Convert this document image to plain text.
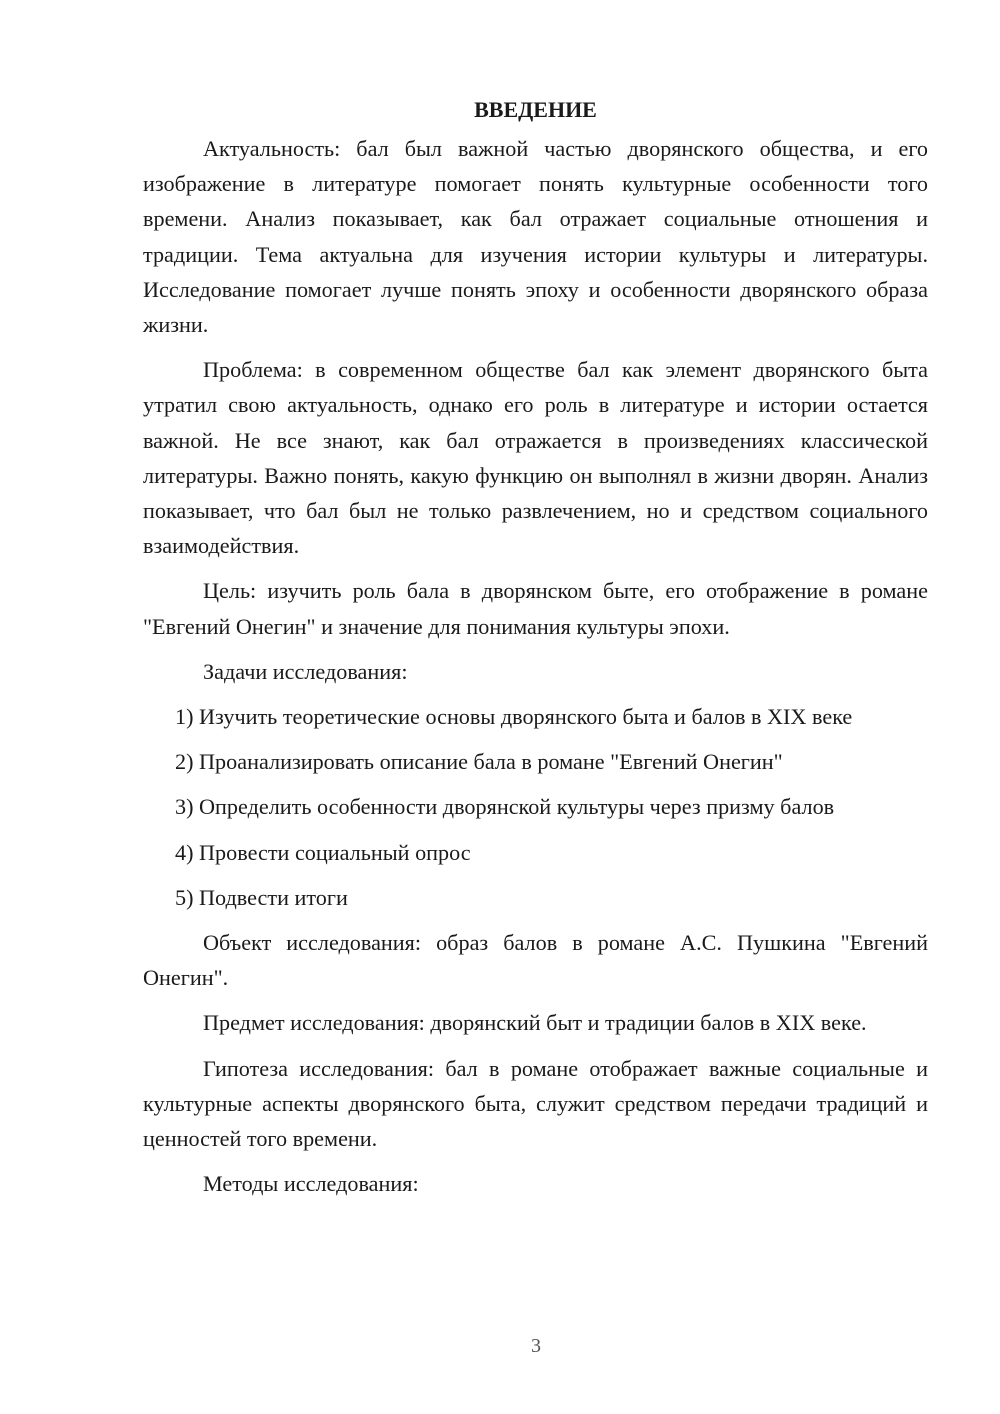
ВВЕДЕНИЕ

Актуальность: бал был важной частью дворянского общества, и его изображение в литературе помогает понять культурные особенности того времени. Анализ показывает, как бал отражает социальные отношения и традиции. Тема актуальна для изучения истории культуры и литературы. Исследование помогает лучше понять эпоху и особенности дворянского образа жизни.

Проблема: в современном обществе бал как элемент дворянского быта утратил свою актуальность, однако его роль в литературе и истории остается важной. Не все знают, как бал отражается в произведениях классической литературы. Важно понять, какую функцию он выполнял в жизни дворян. Анализ показывает, что бал был не только развлечением, но и средством социального взаимодействия.

Цель: изучить роль бала в дворянском быте, его отображение в романе "Евгений Онегин" и значение для понимания культуры эпохи.

Задачи исследования:

1) Изучить теоретические основы дворянского быта и балов в XIX веке

2) Проанализировать описание бала в романе "Евгений Онегин"

3) Определить особенности дворянской культуры через призму балов

4) Провести социальный опрос

5) Подвести итоги

Объект исследования: образ балов в романе А.С. Пушкина "Евгений Онегин".

Предмет исследования: дворянский быт и традиции балов в XIX веке.

Гипотеза исследования: бал в романе отображает важные социальные и культурные аспекты дворянского быта, служит средством передачи традиций и ценностей того времени.

Методы исследования:

3
